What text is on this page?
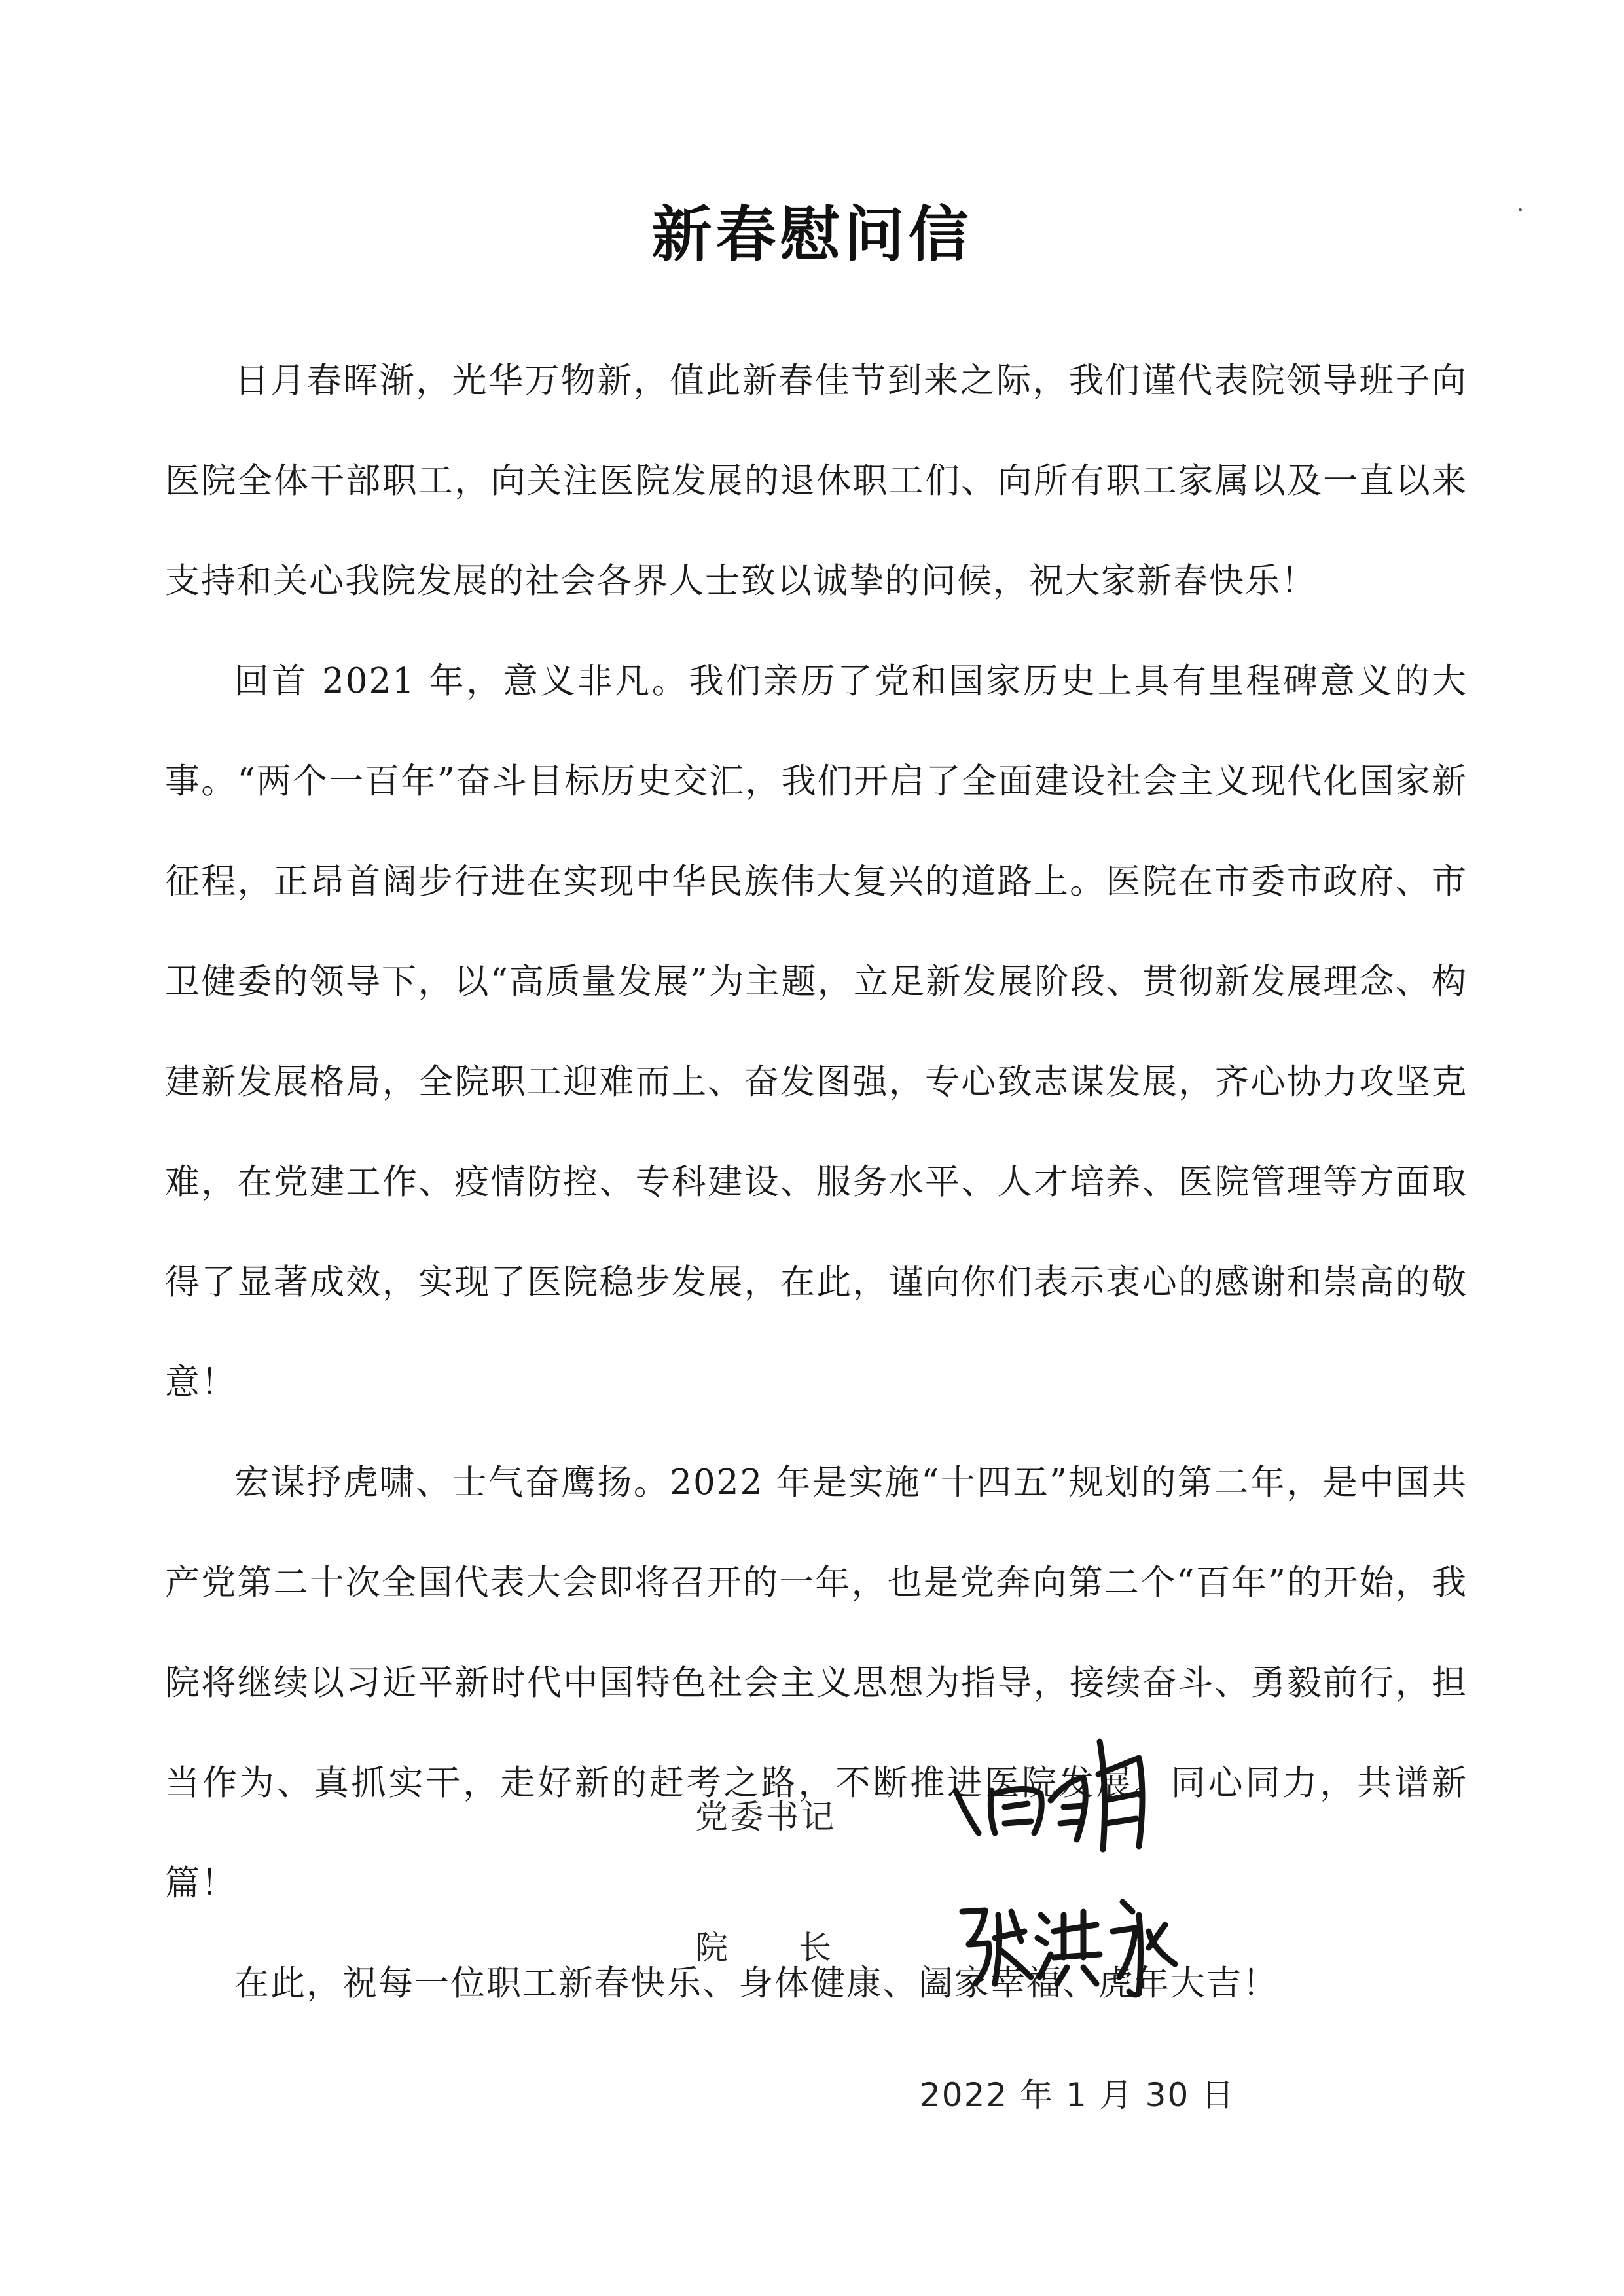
新春慰问信

日月春晖渐，光华万物新，值此新春佳节到来之际，我们谨代表院领导班子向医院全体干部职工，向关注医院发展的退休职工们、向所有职工家属以及一直以来支持和关心我院发展的社会各界人士致以诚挚的问候，祝大家新春快乐！

回首 2021 年，意义非凡。我们亲历了党和国家历史上具有里程碑意义的大事。“两个一百年”奋斗目标历史交汇，我们开启了全面建设社会主义现代化国家新征程，正昂首阔步行进在实现中华民族伟大复兴的道路上。医院在市委市政府、市卫健委的领导下，以“高质量发展”为主题，立足新发展阶段、贯彻新发展理念、构建新发展格局，全院职工迎难而上、奋发图强，专心致志谋发展，齐心协力攻坚克难，在党建工作、疫情防控、专科建设、服务水平、人才培养、医院管理等方面取得了显著成效，实现了医院稳步发展，在此，谨向你们表示衷心的感谢和崇高的敬意！

宏谋抒虎啸、士气奋鹰扬。2022 年是实施“十四五”规划的第二年，是中国共产党第二十次全国代表大会即将召开的一年，也是党奔向第二个“百年”的开始，我院将继续以习近平新时代中国特色社会主义思想为指导，接续奋斗、勇毅前行，担当作为、真抓实干，走好新的赶考之路，不断推进医院发展。同心同力，共谱新篇！

在此，祝每一位职工新春快乐、身体健康、阖家幸福、虎年大吉！

党委书记
院长
2022 年 1 月 30 日
